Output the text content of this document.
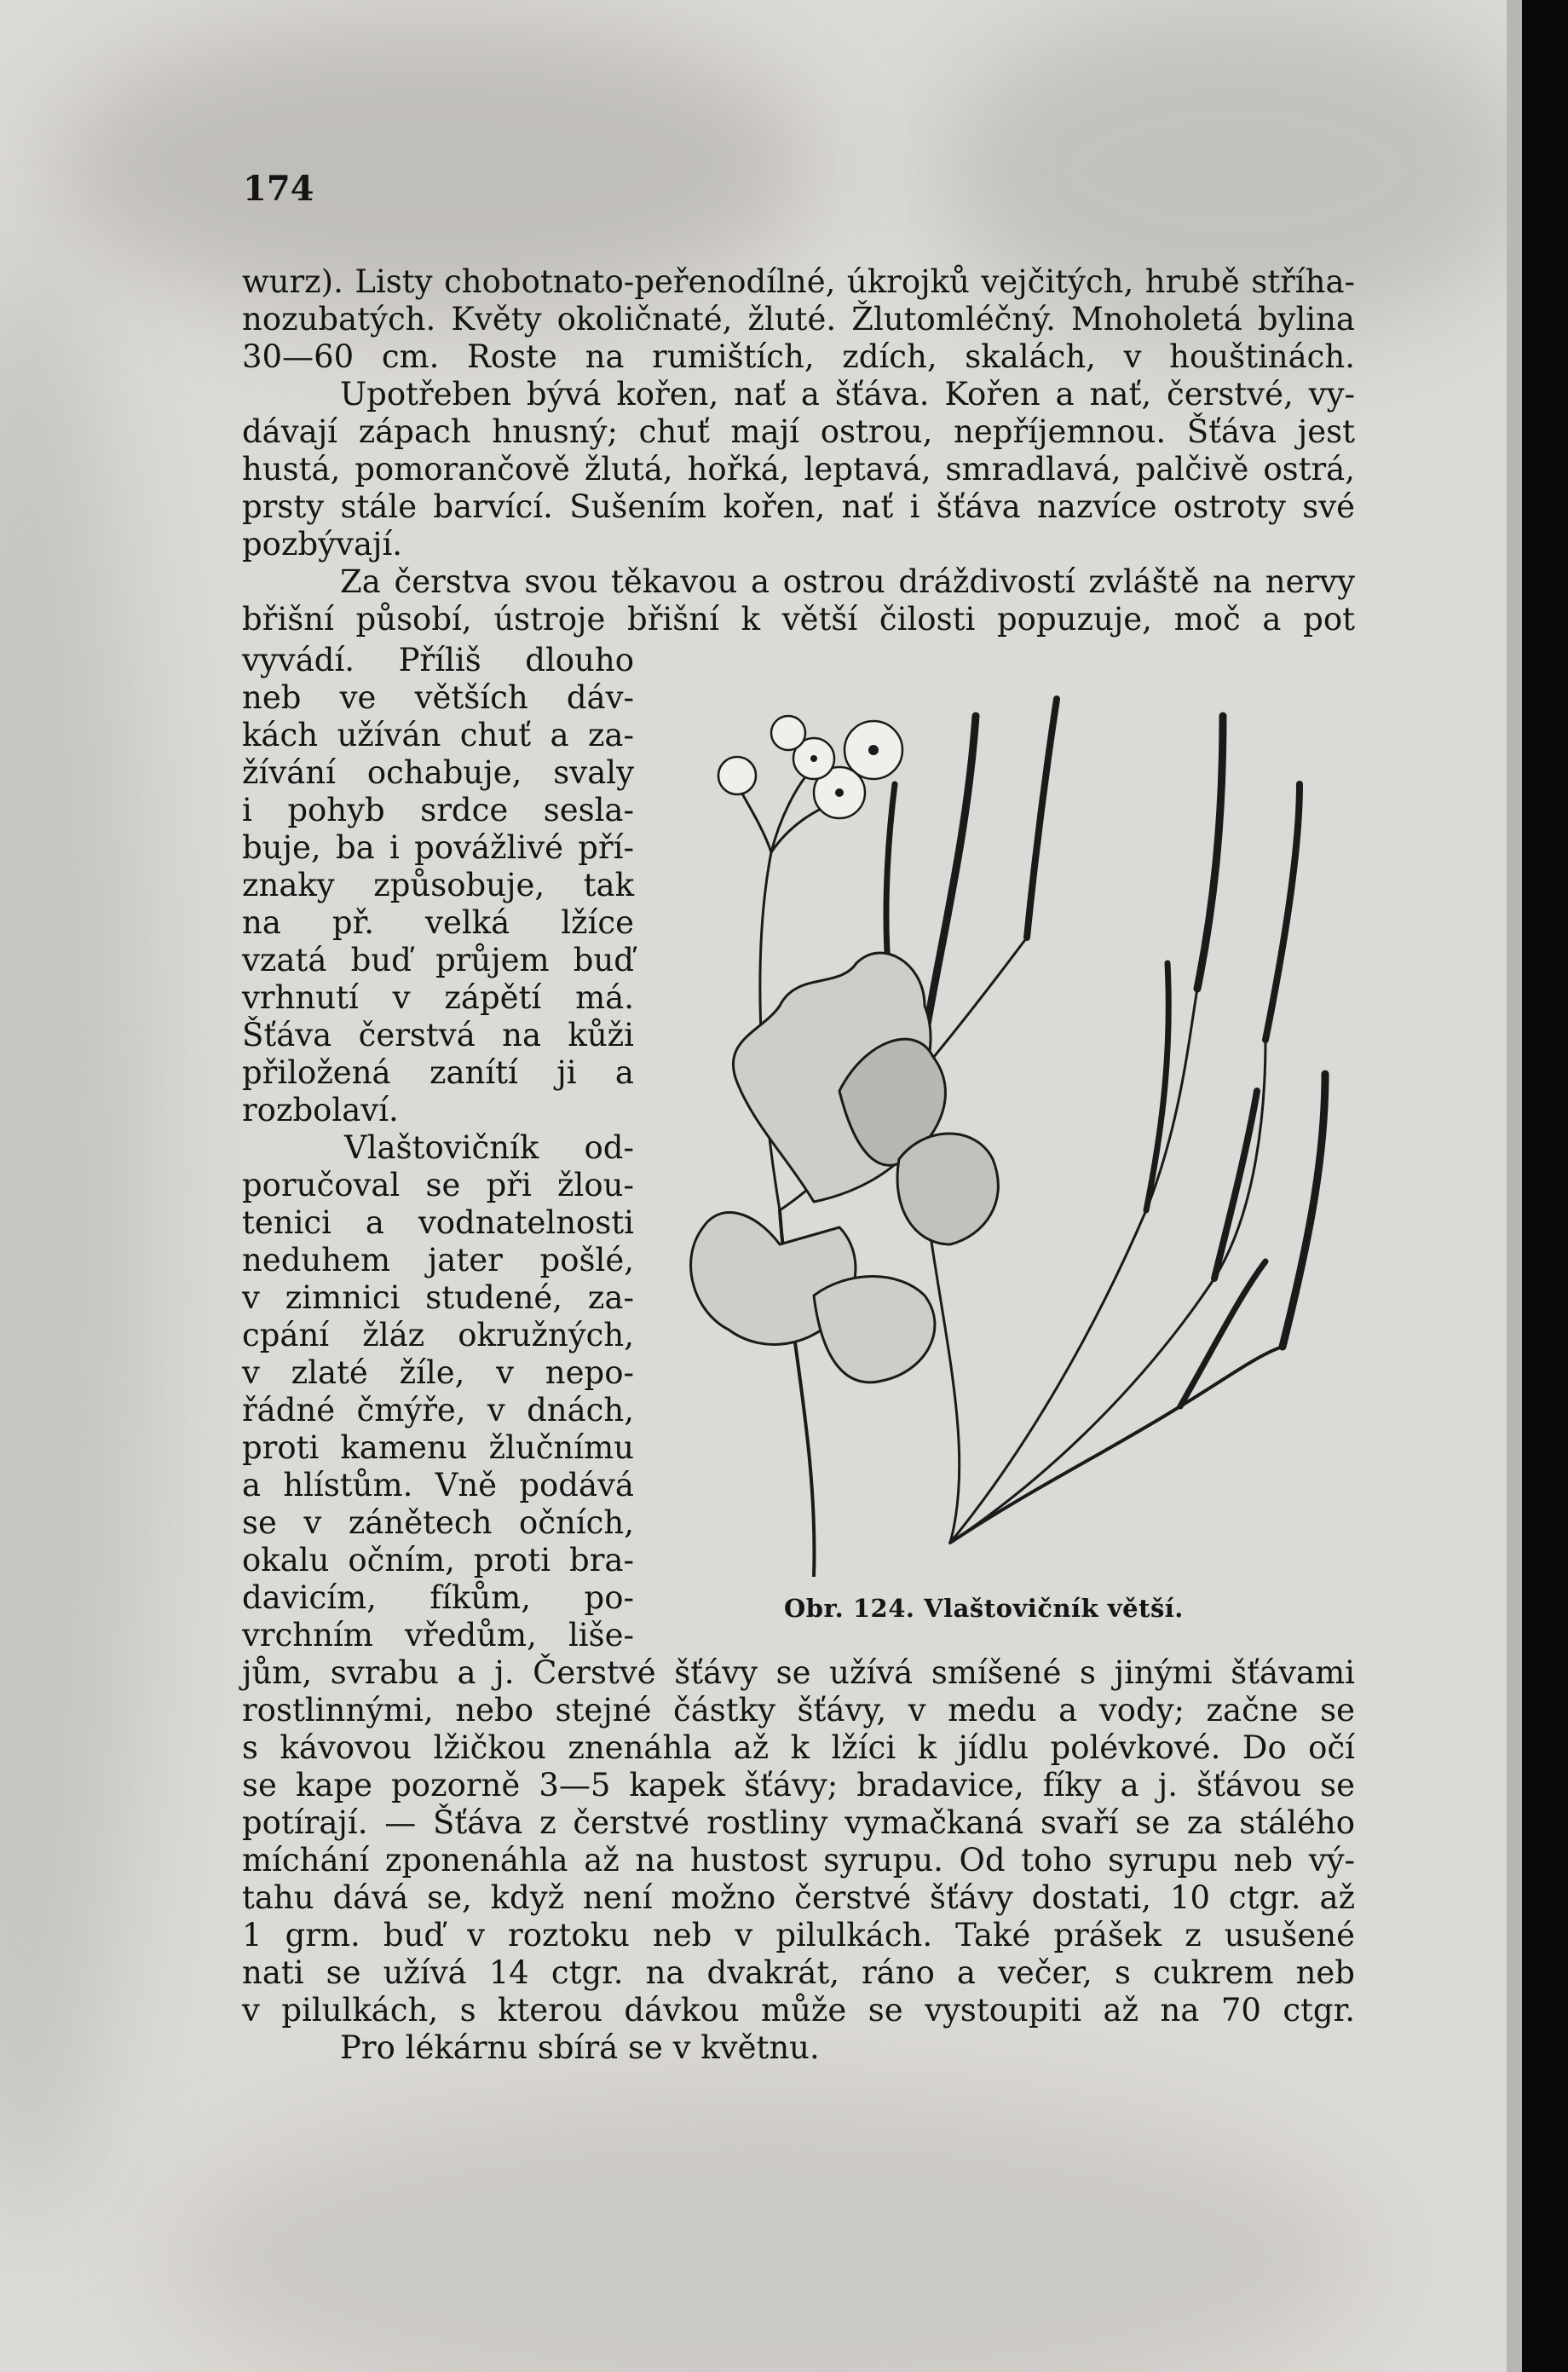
174

wurz). Listy chobotnato-peřenodílné, úkrojků vejčitých, hrubě stříha-

nozubatých. Květy okoličnaté, žluté. Žlutomléčný. Mnoholetá bylina

30—60 cm. Roste na rumištích, zdích, skalách, v houštinách.

Upotřeben bývá kořen, nať a šťáva. Kořen a nať, čerstvé, vy-

dávají zápach hnusný; chuť mají ostrou, nepříjemnou. Šťáva jest

hustá, pomorančově žlutá, hořká, leptavá, smradlavá, palčivě ostrá,

prsty stále barvící. Sušením kořen, nať i šťáva nazvíce ostroty své

pozbývají.

Za čerstva svou těkavou a ostrou dráždivostí zvláště na nervy

břišní působí, ústroje břišní k větší čilosti popuzuje, moč a pot

vyvádí. Příliš dlouho

neb ve větších dáv-

kách užíván chuť a za-

žívání ochabuje, svaly

i pohyb srdce sesla-

buje, ba i povážlivé pří-

znaky způsobuje, tak

na př. velká lžíce

vzatá buď průjem buď

vrhnutí v zápětí má.

Šťáva čerstvá na kůži

přiložená zanítí ji a

rozbolaví.

Vlaštovičník od-

poručoval se při žlou-

tenici a vodnatelnosti

neduhem jater pošlé,

v zimnici studené, za-

cpání žláz okružných,

v zlaté žíle, v nepo-

řádné čmýře, v dnách,

proti kamenu žlučnímu

a hlístům. Vně podává

se v zánětech očních,

okalu očním, proti bra-

davicím, fíkům, po-

vrchním vředům, liše-

jům, svrabu a j. Čerstvé šťávy se užívá smíšené s jinými šťávami

rostlinnými, nebo stejné částky šťávy, v medu a vody; začne se

s kávovou lžičkou znenáhla až k lžíci k jídlu polévkové. Do očí

se kape pozorně 3—5 kapek šťávy; bradavice, fíky a j. šťávou se

potírají. — Šťáva z čerstvé rostliny vymačkaná svaří se za stálého

míchání zponenáhla až na hustost syrupu. Od toho syrupu neb vý-

tahu dává se, když není možno čerstvé šťávy dostati, 10 ctgr. až

1 grm. buď v roztoku neb v pilulkách. Také prášek z usušené

nati se užívá 14 ctgr. na dvakrát, ráno a večer, s cukrem neb

v pilulkách, s kterou dávkou může se vystoupiti až na 70 ctgr.

Pro lékárnu sbírá se v květnu.

Obr. 124. Vlaštovičník větší.
